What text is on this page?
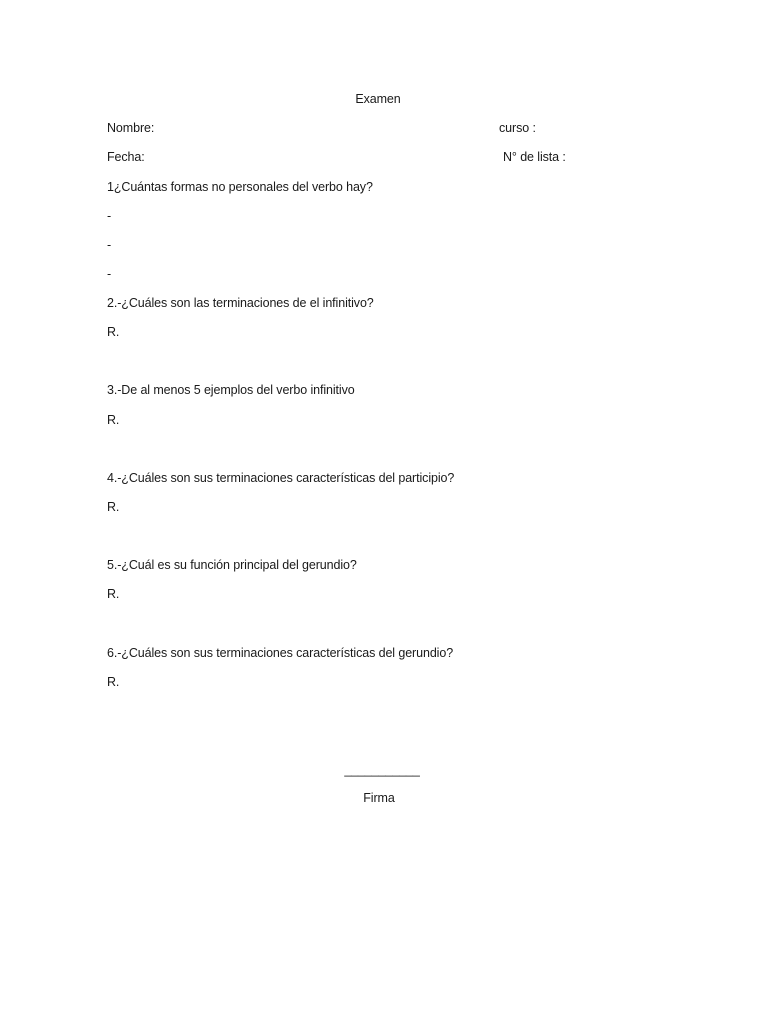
Examen
Nombre:	curso :
Fecha:	N° de lista :
1¿Cuántas formas no personales del verbo hay?
-
-
-
2.-¿Cuáles son las terminaciones de el infinitivo?
R.
3.-De al menos 5 ejemplos del verbo infinitivo
R.
4.-¿Cuáles son sus terminaciones características del participio?
R.
5.-¿Cuál es su función principal del gerundio?
R.
6.-¿Cuáles son sus terminaciones características del gerundio?
R.
___________
Firma
